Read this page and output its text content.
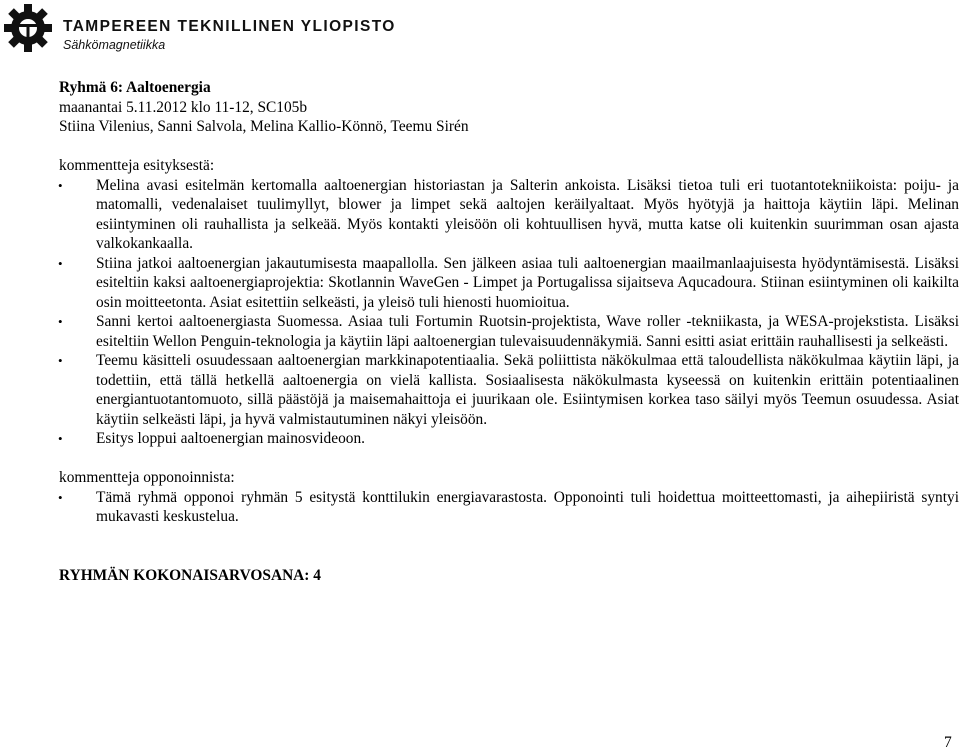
TAMPEREEN TEKNILLINEN YLIOPISTO
Sähkömagnetiikka
Ryhmä 6: Aaltoenergia
maanantai 5.11.2012 klo 11-12, SC105b
Stiina Vilenius, Sanni Salvola, Melina Kallio-Könnö, Teemu Sirén
kommentteja esityksestä:
• Melina avasi esitelmän kertomalla aaltoenergian historiastan ja Salterin ankoista. Lisäksi tietoa tuli eri tuotantotekniikoista: poiju- ja matomalli, vedenalaiset tuulimyllyt, blower ja limpet sekä aaltojen keräilyaltaat. Myös hyötyjä ja haittoja käytiin läpi. Melinan esiintyminen oli rauhallista ja selkeää. Myös kontakti yleisöön oli kohtuullisen hyvä, mutta katse oli kuitenkin suurimman osan ajasta valkokankaalla.
• Stiina jatkoi aaltoenergian jakautumisesta maapallolla. Sen jälkeen asiaa tuli aaltoenergian maailmanlaajuisesta hyödyntämisestä. Lisäksi esiteltiin kaksi aaltoenergiaprojektia: Skotlannin WaveGen - Limpet ja Portugalissa sijaitseva Aqucadoura. Stiinan esiintyminen oli kaikilta osin moitteetonta. Asiat esitettiin selkeästi, ja yleisö tuli hienosti huomioitua.
• Sanni kertoi aaltoenergiasta Suomessa. Asiaa tuli Fortumin Ruotsin-projektista, Wave roller -tekniikasta, ja WESA-projekstista. Lisäksi esiteltiin Wellon Penguin-teknologia ja käytiin läpi aaltoenergian tulevaisuudennäkymiä. Sanni esitti asiat erittäin rauhallisesti ja selkeästi.
• Teemu käsitteli osuudessaan aaltoenergian markkinapotentiaalia. Sekä poliittista näkökulmaa että taloudellista näkökulmaa käytiin läpi, ja todettiin, että tällä hetkellä aaltoenergia on vielä kallista. Sosiaalisesta näkökulmasta kyseessä on kuitenkin erittäin potentiaalinen energiantuotantomuoto, sillä päästöjä ja maisemahaittoja ei juurikaan ole. Esiintymisen korkea taso säilyi myös Teemun osuudessa. Asiat käytiin selkeästi läpi, ja hyvä valmistautuminen näkyi yleisöön.
• Esitys loppui aaltoenergian mainosvideoon.
kommentteja opponoinnista:
• Tämä ryhmä opponoi ryhmän 5 esitystä konttilukin energiavarastosta. Opponointi tuli hoidettua moitteettomasti, ja aihepiiristä syntyi mukavasti keskustelua.
RYHMÄN KOKONAISARVOSANA: 4
7
